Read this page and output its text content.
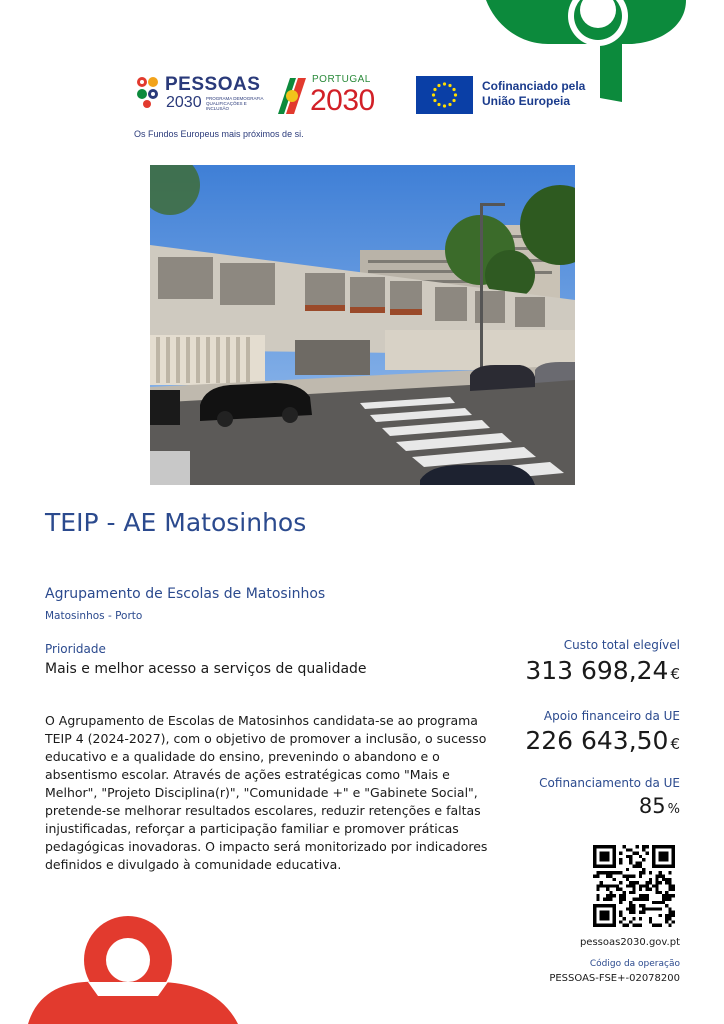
PESSOAS
2030 PROGRAMA DEMOGRAFIA QUALIFICAÇÕES E INCLUSÃO
PORTUGAL
2030	Cofinanciado pela
União Europeia
Os Fundos Europeus mais próximos de si.
TEIP - AE Matosinhos
Agrupamento de Escolas de Matosinhos
Matosinhos - Porto
Prioridade
Mais e melhor acesso a serviços de qualidade
O Agrupamento de Escolas de Matosinhos candidata-se ao programa TEIP 4 (2024-2027), com o objetivo de promover a inclusão, o sucesso educativo e a qualidade do ensino, prevenindo o abandono e o absentismo escolar. Através de ações estratégicas como "Mais e Melhor", "Projeto Disciplina(r)", "Comunidade +" e "Gabinete Social", pretende-se melhorar resultados escolares, reduzir retenções e faltas injustificadas, reforçar a participação familiar e promover práticas pedagógicas inovadoras. O impacto será monitorizado por indicadores definidos e divulgado à comunidade educativa.
Custo total elegível
313 698,24 €
Apoio financeiro da UE
226 643,50 €
Cofinanciamento da UE
85 %
pessoas2030.gov.pt
Código da operação
PESSOAS-FSE+-02078200
